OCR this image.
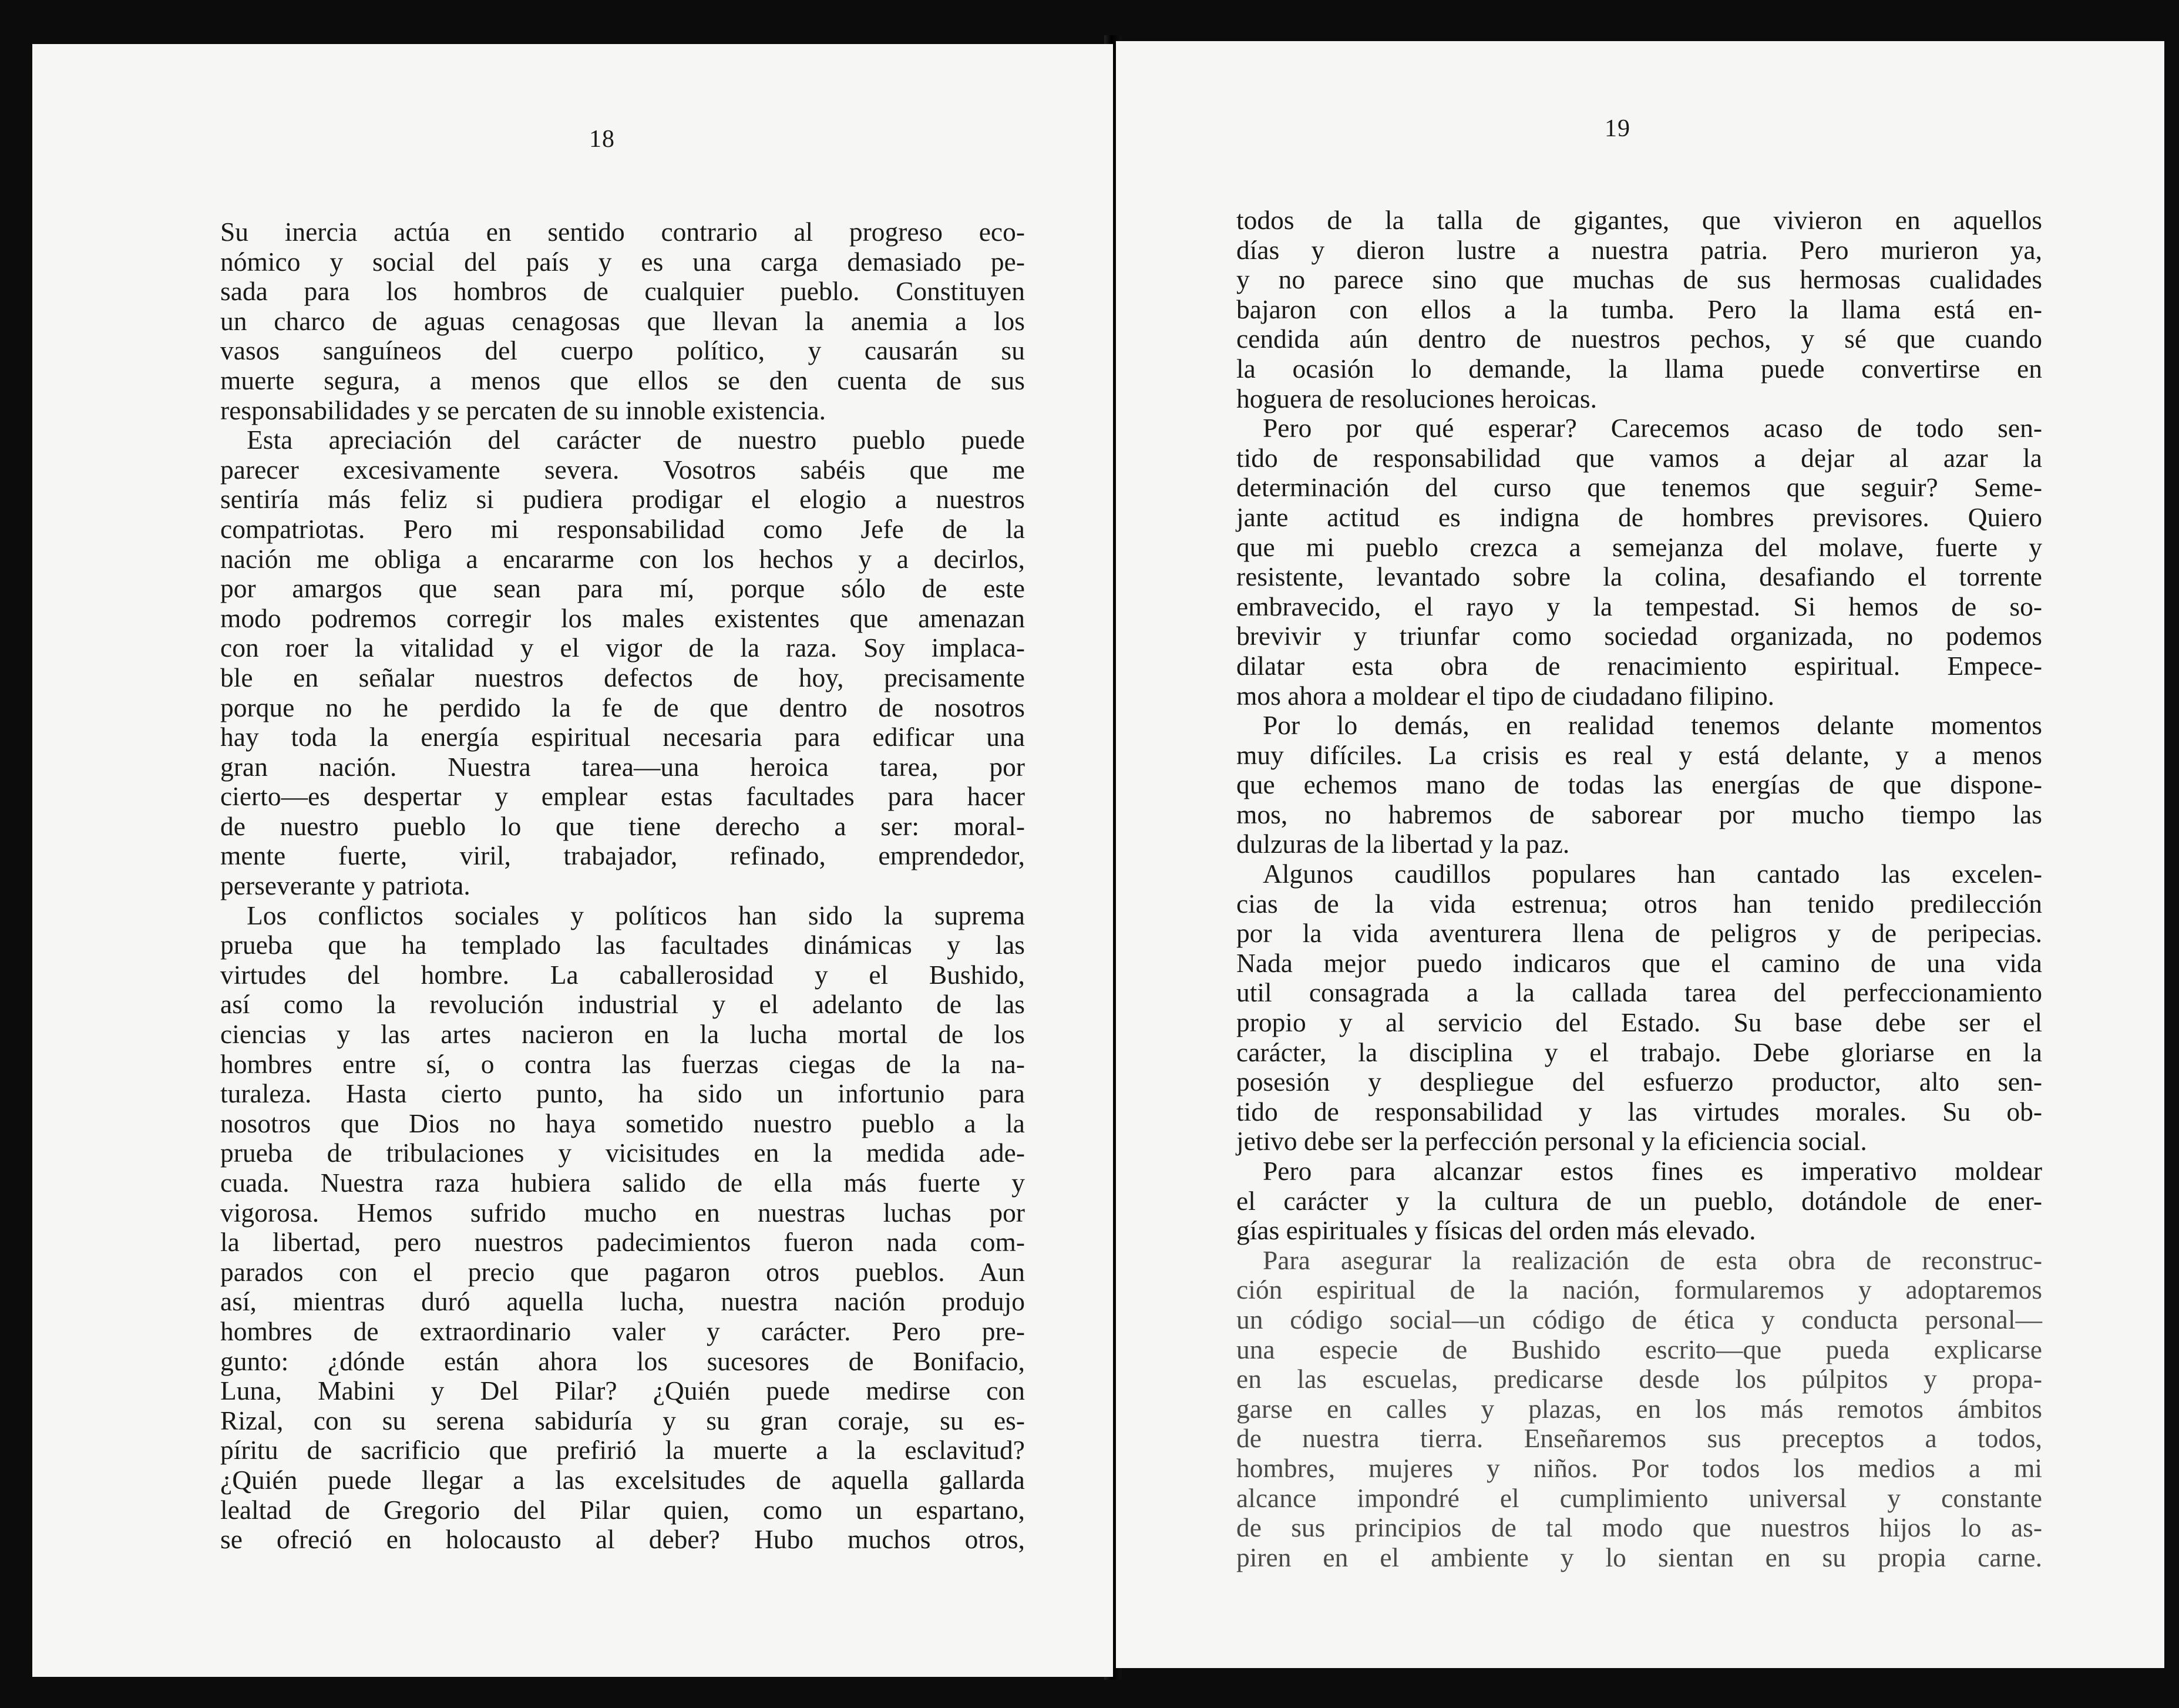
18
Su inercia actúa en sentido contrario al progreso eco-
nómico y social del país y es una carga demasiado pe-
sada para los hombros de cualquier pueblo. Constituyen
un charco de aguas cenagosas que llevan la anemia a los
vasos sanguíneos del cuerpo político, y causarán su
muerte segura, a menos que ellos se den cuenta de sus
responsabilidades y se percaten de su innoble existencia.
Esta apreciación del carácter de nuestro pueblo puede
parecer excesivamente severa. Vosotros sabéis que me
sentiría más feliz si pudiera prodigar el elogio a nuestros
compatriotas. Pero mi responsabilidad como Jefe de la
nación me obliga a encararme con los hechos y a decirlos,
por amargos que sean para mí, porque sólo de este
modo podremos corregir los males existentes que amenazan
con roer la vitalidad y el vigor de la raza. Soy implaca-
ble en señalar nuestros defectos de hoy, precisamente
porque no he perdido la fe de que dentro de nosotros
hay toda la energía espiritual necesaria para edificar una
gran nación. Nuestra tarea—una heroica tarea, por
cierto—es despertar y emplear estas facultades para hacer
de nuestro pueblo lo que tiene derecho a ser: moral-
mente fuerte, viril, trabajador, refinado, emprendedor,
perseverante y patriota.
Los conflictos sociales y políticos han sido la suprema
prueba que ha templado las facultades dinámicas y las
virtudes del hombre. La caballerosidad y el Bushido,
así como la revolución industrial y el adelanto de las
ciencias y las artes nacieron en la lucha mortal de los
hombres entre sí, o contra las fuerzas ciegas de la na-
turaleza. Hasta cierto punto, ha sido un infortunio para
nosotros que Dios no haya sometido nuestro pueblo a la
prueba de tribulaciones y vicisitudes en la medida ade-
cuada. Nuestra raza hubiera salido de ella más fuerte y
vigorosa. Hemos sufrido mucho en nuestras luchas por
la libertad, pero nuestros padecimientos fueron nada com-
parados con el precio que pagaron otros pueblos. Aun
así, mientras duró aquella lucha, nuestra nación produjo
hombres de extraordinario valer y carácter. Pero pre-
gunto: ¿dónde están ahora los sucesores de Bonifacio,
Luna, Mabini y Del Pilar? ¿Quién puede medirse con
Rizal, con su serena sabiduría y su gran coraje, su es-
píritu de sacrificio que prefirió la muerte a la esclavitud?
¿Quién puede llegar a las excelsitudes de aquella gallarda
lealtad de Gregorio del Pilar quien, como un espartano,
se ofreció en holocausto al deber? Hubo muchos otros,
19
todos de la talla de gigantes, que vivieron en aquellos
días y dieron lustre a nuestra patria. Pero murieron ya,
y no parece sino que muchas de sus hermosas cualidades
bajaron con ellos a la tumba. Pero la llama está en-
cendida aún dentro de nuestros pechos, y sé que cuando
la ocasión lo demande, la llama puede convertirse en
hoguera de resoluciones heroicas.
Pero por qué esperar? Carecemos acaso de todo sen-
tido de responsabilidad que vamos a dejar al azar la
determinación del curso que tenemos que seguir? Seme-
jante actitud es indigna de hombres previsores. Quiero
que mi pueblo crezca a semejanza del molave, fuerte y
resistente, levantado sobre la colina, desafiando el torrente
embravecido, el rayo y la tempestad. Si hemos de so-
brevivir y triunfar como sociedad organizada, no podemos
dilatar esta obra de renacimiento espiritual. Empece-
mos ahora a moldear el tipo de ciudadano filipino.
Por lo demás, en realidad tenemos delante momentos
muy difíciles. La crisis es real y está delante, y a menos
que echemos mano de todas las energías de que dispone-
mos, no habremos de saborear por mucho tiempo las
dulzuras de la libertad y la paz.
Algunos caudillos populares han cantado las excelen-
cias de la vida estrenua; otros han tenido predilección
por la vida aventurera llena de peligros y de peripecias.
Nada mejor puedo indicaros que el camino de una vida
util consagrada a la callada tarea del perfeccionamiento
propio y al servicio del Estado. Su base debe ser el
carácter, la disciplina y el trabajo. Debe gloriarse en la
posesión y despliegue del esfuerzo productor, alto sen-
tido de responsabilidad y las virtudes morales. Su ob-
jetivo debe ser la perfección personal y la eficiencia social.
Pero para alcanzar estos fines es imperativo moldear
el carácter y la cultura de un pueblo, dotándole de ener-
gías espirituales y físicas del orden más elevado.
Para asegurar la realización de esta obra de reconstruc-
ción espiritual de la nación, formularemos y adoptaremos
un código social—un código de ética y conducta personal—
una especie de Bushido escrito—que pueda explicarse
en las escuelas, predicarse desde los púlpitos y propa-
garse en calles y plazas, en los más remotos ámbitos
de nuestra tierra. Enseñaremos sus preceptos a todos,
hombres, mujeres y niños. Por todos los medios a mi
alcance impondré el cumplimiento universal y constante
de sus principios de tal modo que nuestros hijos lo as-
piren en el ambiente y lo sientan en su propia carne.
